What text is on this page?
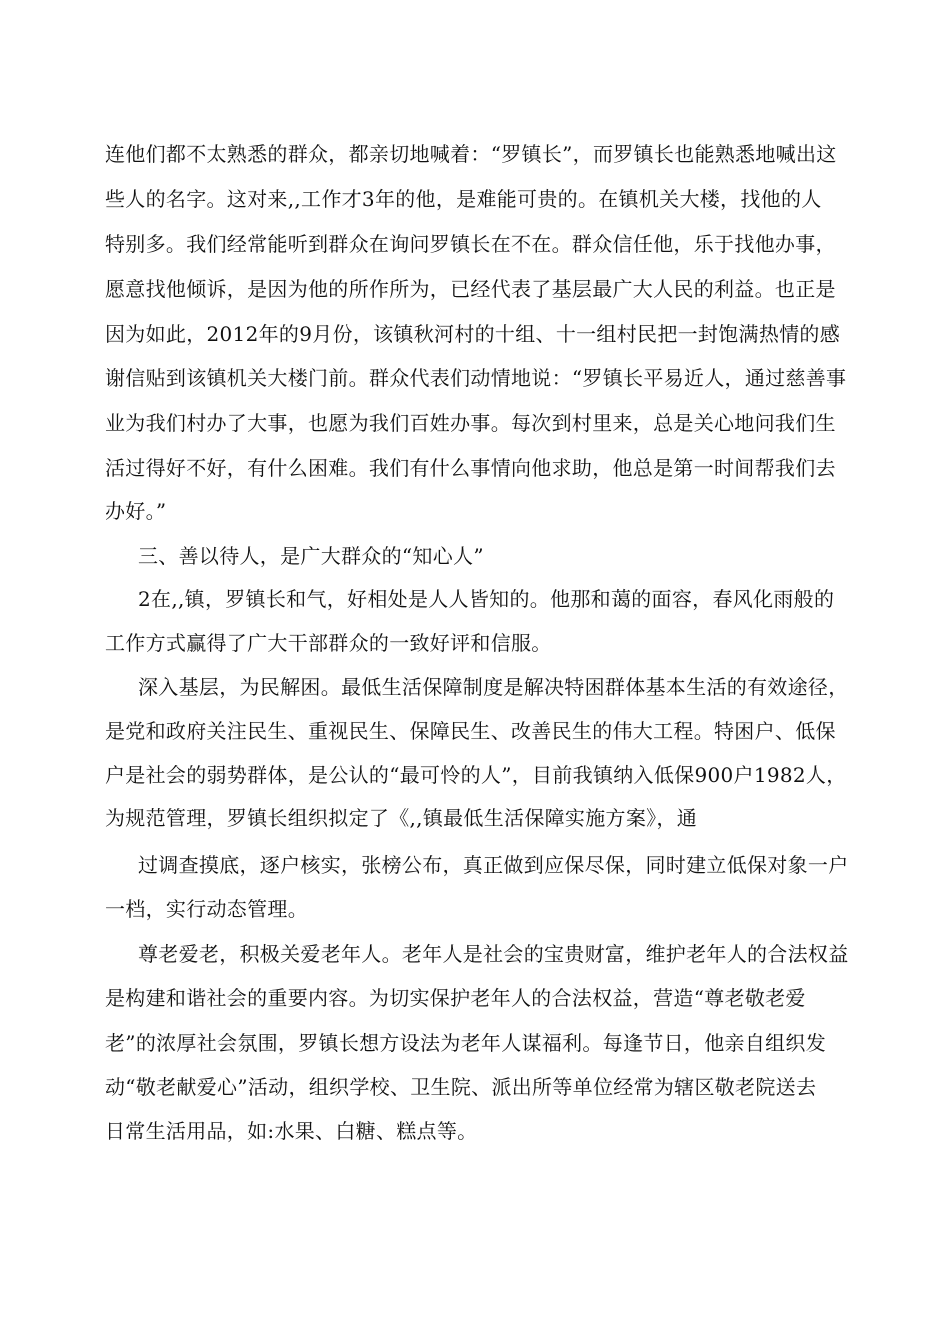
连他们都不太熟悉的群众，都亲切地喊着：“罗镇长”，而罗镇长也能熟悉地喊出这
些人的名字。这对来,,工作才3年的他，是难能可贵的。在镇机关大楼，找他的人
特别多。我们经常能听到群众在询问罗镇长在不在。群众信任他，乐于找他办事，
愿意找他倾诉，是因为他的所作所为，已经代表了基层最广大人民的利益。也正是
因为如此，2012年的9月份，该镇秋河村的十组、十一组村民把一封饱满热情的感
谢信贴到该镇机关大楼门前。群众代表们动情地说：“罗镇长平易近人，通过慈善事
业为我们村办了大事，也愿为我们百姓办事。每次到村里来，总是关心地问我们生
活过得好不好，有什么困难。我们有什么事情向他求助，他总是第一时间帮我们去
办好。”
三、善以待人，是广大群众的“知心人”
2在,,镇，罗镇长和气，好相处是人人皆知的。他那和蔼的面容，春风化雨般的
工作方式赢得了广大干部群众的一致好评和信服。
深入基层，为民解困。最低生活保障制度是解决特困群体基本生活的有效途径，
是党和政府关注民生、重视民生、保障民生、改善民生的伟大工程。特困户、低保
户是社会的弱势群体，是公认的“最可怜的人”，目前我镇纳入低保900户1982人，
为规范管理，罗镇长组织拟定了《,,镇最低生活保障实施方案》，通
过调查摸底，逐户核实，张榜公布，真正做到应保尽保，同时建立低保对象一户
一档，实行动态管理。
尊老爱老，积极关爱老年人。老年人是社会的宝贵财富，维护老年人的合法权益
是构建和谐社会的重要内容。为切实保护老年人的合法权益，营造“尊老敬老爱
老”的浓厚社会氛围，罗镇长想方设法为老年人谋福利。每逢节日，他亲自组织发
动“敬老献爱心”活动，组织学校、卫生院、派出所等单位经常为辖区敬老院送去
日常生活用品，如:水果、白糖、糕点等。
